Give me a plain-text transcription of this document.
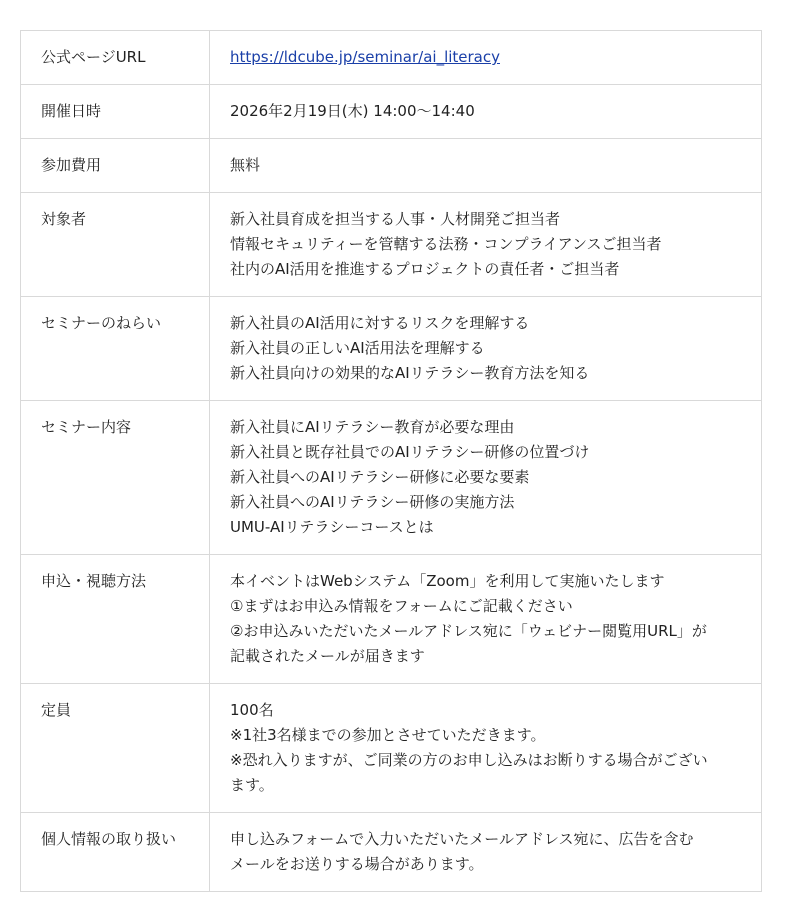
公式ページURL	https://ldcube.jp/seminar/ai_literacy
開催日時	2026年2月19日(木) 14:00〜14:40

参加費用	無料

対象者	新入社員育成を担当する人事・人材開発ご担当者
情報セキュリティーを管轄する法務・コンプライアンスご担当者
社内のAI活用を推進するプロジェクトの責任者・ご担当者

セミナーのねらい	新入社員のAI活用に対するリスクを理解する
新入社員の正しいAI活用法を理解する
新入社員向けの効果的なAIリテラシー教育方法を知る

セミナー内容	新入社員にAIリテラシー教育が必要な理由
新入社員と既存社員でのAIリテラシー研修の位置づけ
新入社員へのAIリテラシー研修に必要な要素
新入社員へのAIリテラシー研修の実施方法
UMU-AIリテラシーコースとは

申込・視聴方法	本イベントはWebシステム「Zoom」を利用して実施いたします
①まずはお申込み情報をフォームにご記載ください
②お申込みいただいたメールアドレス宛に「ウェビナー閲覧用URL」が
記載されたメールが届きます

定員	100名
※1社3名様までの参加とさせていただきます。
※恐れ入りますが、ご同業の方のお申し込みはお断りする場合がござい
ます。

個人情報の取り扱い	申し込みフォームで入力いただいたメールアドレス宛に、広告を含む
メールをお送りする場合があります。
